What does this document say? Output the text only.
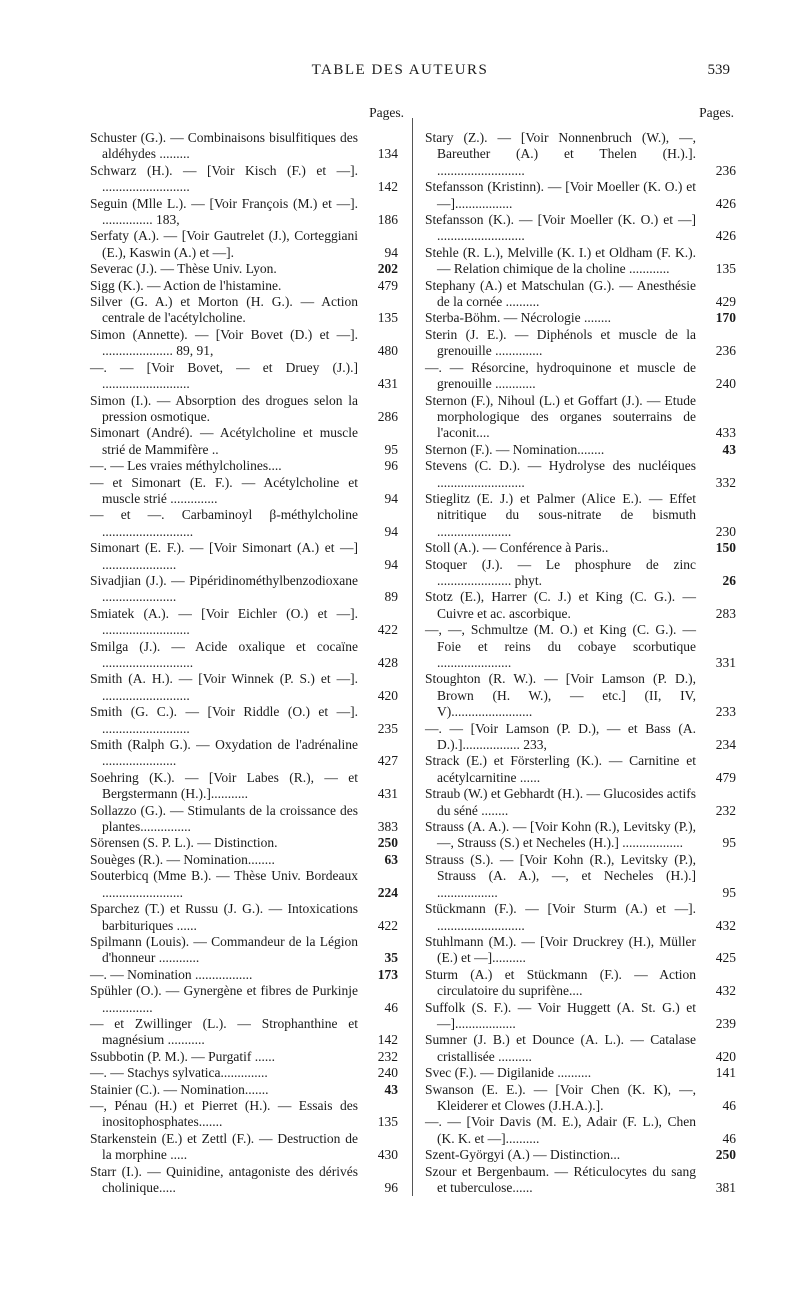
TABLE DES AUTEURS	539
Pages.
Schuster (G.). — Combinaisons bisulfitiques des aldéhydes .........	134
Schwarz (H.). — [Voir Kisch (F.) et —]. ..........................	142
Seguin (Mlle L.). — [Voir François (M.) et —]. ............... 183,	186
Serfaty (A.). — [Voir Gautrelet (J.), Corteggiani (E.), Kaswin (A.) et —].	94
Severac (J.). — Thèse Univ. Lyon.	202
Sigg (K.). — Action de l'histamine.	479
Silver (G. A.) et Morton (H. G.). — Action centrale de l'acétylcholine.	135
Simon (Annette). — [Voir Bovet (D.) et —]. ..................... 89, 91,	480
—. — [Voir Bovet, — et Druey (J.).] ..........................	431
Simon (I.). — Absorption des drogues selon la pression osmotique.	286
Simonart (André). — Acétylcholine et muscle strié de Mammifère ..	95
—. — Les vraies méthylcholines....	96
— et Simonart (E. F.). — Acétylcholine et muscle strié ..............	94
— et —. Carbaminoyl β-méthylcholine ...........................	94
Simonart (E. F.). — [Voir Simonart (A.) et —] ......................	94
Sivadjian (J.). — Pipéridinométhylbenzodioxane ......................	89
Smiatek (A.). — [Voir Eichler (O.) et —]. ..........................	422
Smilga (J.). — Acide oxalique et cocaïne ...........................	428
Smith (A. H.). — [Voir Winnek (P. S.) et —]. ..........................	420
Smith (G. C.). — [Voir Riddle (O.) et —]. ..........................	235
Smith (Ralph G.). — Oxydation de l'adrénaline ......................	427
Soehring (K.). — [Voir Labes (R.), — et Bergstermann (H.).]...........	431
Sollazzo (G.). — Stimulants de la croissance des plantes...............	383
Sörensen (S. P. L.). — Distinction.	250
Souèges (R.). — Nomination........	63
Souterbicq (Mme B.). — Thèse Univ. Bordeaux ........................	224
Sparchez (T.) et Russu (J. G.). — Intoxications barbituriques ......	422
Spilmann (Louis). — Commandeur de la Légion d'honneur ............	35
—. — Nomination .................	173
Spühler (O.). — Gynergène et fibres de Purkinje ...............	46
— et Zwillinger (L.). — Strophanthine et magnésium ...........	142
Ssubbotin (P. M.). — Purgatif ......	232
—. — Stachys sylvatica..............	240
Stainier (C.). — Nomination.......	43
—, Pénau (H.) et Pierret (H.). — Essais des inositophosphates.......	135
Starkenstein (E.) et Zettl (F.). — Destruction de la morphine .....	430
Starr (I.). — Quinidine, antagoniste des dérivés cholinique.....	96
Pages.
Stary (Z.). — [Voir Nonnenbruch (W.), —, Bareuther (A.) et Thelen (H.).]. ..........................	236
Stefansson (Kristinn). — [Voir Moeller (K. O.) et —].................	426
Stefansson (K.). — [Voir Moeller (K. O.) et —] ..........................	426
Stehle (R. L.), Melville (K. I.) et Oldham (F. K.). — Relation chimique de la choline ............	135
Stephany (A.) et Matschulan (G.). — Anesthésie de la cornée ..........	429
Sterba-Böhm. — Nécrologie ........	170
Sterin (J. E.). — Diphénols et muscle de la grenouille ..............	236
—. — Résorcine, hydroquinone et muscle de grenouille ............	240
Sternon (F.), Nihoul (L.) et Goffart (J.). — Etude morphologique des organes souterrains de l'aconit....	433
Sternon (F.). — Nomination........	43
Stevens (C. D.). — Hydrolyse des nucléiques ..........................	332
Stieglitz (E. J.) et Palmer (Alice E.). — Effet nitritique du sous-nitrate de bismuth ......................	230
Stoll (A.). — Conférence à Paris..	150
Stoquer (J.). — Le phosphure de zinc ...................... phyt.	26
Stotz (E.), Harrer (C. J.) et King (C. G.). — Cuivre et ac. ascorbique.	283
—, —, Schmultze (M. O.) et King (C. G.). — Foie et reins du cobaye scorbutique ......................	331
Stoughton (R. W.). — [Voir Lamson (P. D.), Brown (H. W.), — etc.] (II, IV, V)........................	233
—. — [Voir Lamson (P. D.), — et Bass (A. D.).]................. 233,	234
Strack (E.) et Försterling (K.). — Carnitine et acétylcarnitine ......	479
Straub (W.) et Gebhardt (H.). — Glucosides actifs du séné ........	232
Strauss (A. A.). — [Voir Kohn (R.), Levitsky (P.), —, Strauss (S.) et Necheles (H.).] ..................	95
Strauss (S.). — [Voir Kohn (R.), Levitsky (P.), Strauss (A. A.), —, et Necheles (H.).] ..................	95
Stückmann (F.). — [Voir Sturm (A.) et —]. ..........................	432
Stuhlmann (M.). — [Voir Druckrey (H.), Müller (E.) et —]..........	425
Sturm (A.) et Stückmann (F.). — Action circulatoire du suprifène....	432
Suffolk (S. F.). — Voir Huggett (A. St. G.) et —]..................	239
Sumner (J. B.) et Dounce (A. L.). — Catalase cristallisée ..........	420
Svec (F.). — Digilanide ..........	141
Swanson (E. E.). — [Voir Chen (K. K), —, Kleiderer et Clowes (J.H.A.).].	46
—. — [Voir Davis (M. E.), Adair (F. L.), Chen (K. K. et —]..........	46
Szent-Györgyi (A.) — Distinction...	250
Szour et Bergenbaum. — Réticulocytes du sang et tuberculose......	381
